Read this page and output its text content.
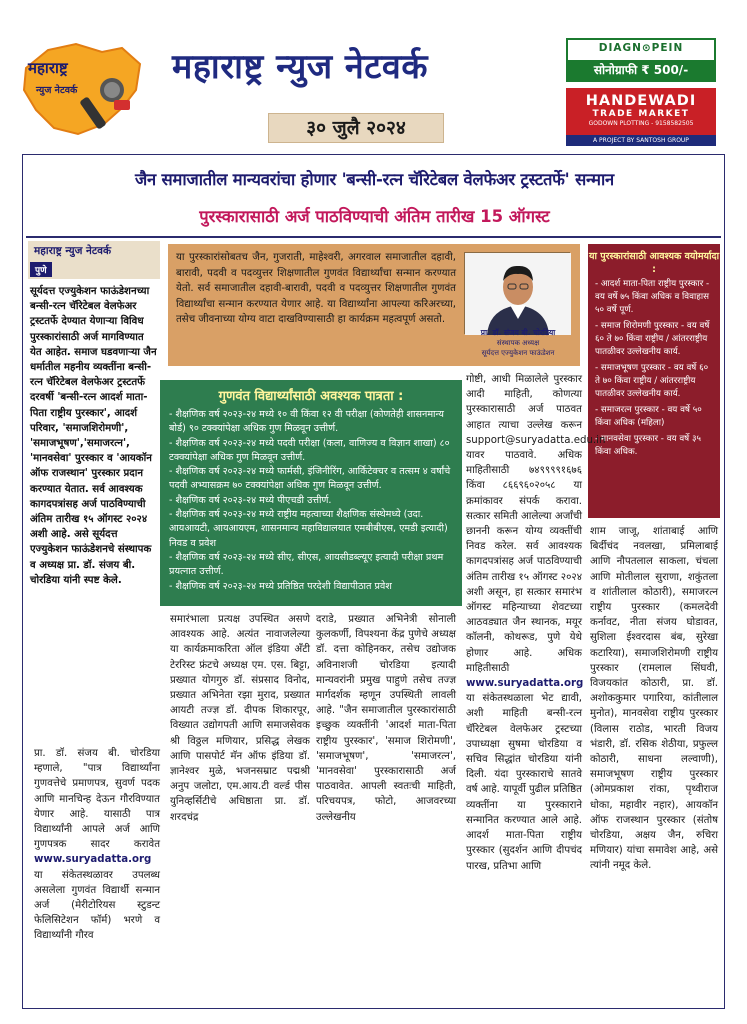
महाराष्ट्र
न्युज नेटवर्क
महाराष्ट्र न्युज नेटवर्क
३० जुलै २०२४
DIAGN⊙PEIN
सोनोग्राफी ₹ 500/-
HANDEWADI
TRADE MARKET
GODOWN PLOTTING - 9158582505
A PROJECT BY SANTOSH GROUP
जैन समाजातील मान्यवरांचा होणार 'बन्सी-रत्न चॅरिटेबल वेलफेअर ट्रस्टतर्फे' सन्मान
पुरस्कारासाठी अर्ज पाठविण्याची अंतिम तारीख 15 ऑगस्ट
महाराष्ट्र न्युज नेटवर्क
पुणे
सूर्यदत्त एज्युकेशन फाऊंडेशनच्या बन्सी-रत्न चॅरिटेबल वेलफेअर ट्रस्टतर्फे देण्यात येणाऱ्या विविध पुरस्कारांसाठी अर्ज मागविण्यात येत आहेत. समाज घडवणाऱ्या जैन धर्मातील महनीय व्यक्तींना बन्सी-रत्न चॅरिटेबल वेलफेअर ट्रस्टतर्फे दरवर्षी 'बन्सी-रत्न आदर्श माता-पिता राष्ट्रीय पुरस्कार', आदर्श परिवार, 'समाजशिरोमणी', 'समाजभूषण','समाजरत्न', 'मानवसेवा' पुरस्कार व 'आयकॉन ऑफ राजस्थान' पुरस्कार प्रदान करण्यात येतात. सर्व आवश्यक कागदपत्रांसह अर्ज पाठविण्याची अंतिम तारीख १५ ऑगस्ट २०२४ अशी आहे. असे सूर्यदत्त एज्युकेशन फाऊंडेशनचे संस्थापक व अध्यक्ष प्रा. डॉ. संजय बी. चोरडिया यांनी स्पष्ट केले.
प्रा. डॉ. संजय बी. चोरडिया म्हणाले, "पात्र विद्यार्थ्यांना गुणवत्तेचे प्रमाणपत्र, सुवर्ण पदक आणि मानचिन्ह देऊन गौरविण्यात येणार आहे. यासाठी पात्र विद्यार्थ्यांनी आपले अर्ज आणि गुणपत्रक सादर करावेत www.suryadatta.org या संकेतस्थळावर उपलब्ध असलेला गुणवंत विद्यार्थी सन्मान अर्ज (मेरीटोरियस स्टुडन्ट फेलिसिटेशन फॉर्म) भरणे व विद्यार्थ्यांनी गौरव
या पुरस्कारांसोबतच जैन, गुजराती, माहेश्वरी, अगरवाल समाजातील दहावी, बारावी, पदवी व पदव्युत्तर शिक्षणातील गुणवंत विद्यार्थ्यांचा सन्मान करण्यात येतो. सर्व समाजातील दहावी-बारावी, पदवी व पदव्युत्तर शिक्षणातील गुणवंत विद्यार्थ्यांचा सन्मान करण्यात येणार आहे. या विद्यार्थ्यांना आपल्या करिअरच्या, तसेच जीवनाच्या योग्य वाटा दाखविण्यासाठी हा कार्यक्रम महत्वपूर्ण असतो.
प्रा. डॉ. संजय बी. चोरडिया
संस्थापक अध्यक्ष
सूर्यदत्त एज्युकेशन फाऊंडेशन
गुणवंत विद्यार्थ्यांसाठी अवश्यक पात्रता :
- शैक्षणिक वर्ष २०२३-२४ मध्ये १० वी किंवा १२ वी परीक्षा (कोणतेही शासनमान्य बोर्ड) ९० टक्क्यांपेक्षा अधिक गुण मिळवून उत्तीर्ण.
- शैक्षणिक वर्ष २०२३-२४ मध्ये पदवी परीक्षा (कला, वाणिज्य व विज्ञान शाखा) ८० टक्क्यांपेक्षा अधिक गुण मिळवून उत्तीर्ण.
- शैक्षणिक वर्ष २०२३-२४ मध्ये फार्मसी, इंजिनीरिंग, आर्किटेक्चर व तत्सम ४ वर्षांचे पदवी अभ्यासक्रम ७० टक्क्यांपेक्षा अधिक गुण मिळवून उत्तीर्ण.
- शैक्षणिक वर्ष २०२३-२४ मध्ये पीएचडी उत्तीर्ण.
- शैक्षणिक वर्ष २०२३-२४ मध्ये राष्ट्रीय महत्वाच्या शैक्षणिक संस्थेमध्ये (उदा. आयआयटी, आयआयएम, शासनमान्य महाविद्यालयात एमबीबीएस, एमडी इत्यादी) निवड व प्रवेश
- शैक्षणिक वर्ष २०२३-२४ मध्ये सीए, सीएस, आयसीडब्ल्यूए इत्यादी परीक्षा प्रथम प्रयत्नात उत्तीर्ण.
- शैक्षणिक वर्ष २०२३-२४ मध्ये प्रतिष्ठित परदेशी विद्यापीठात प्रवेश
या पुरस्कारांसाठी आवश्यक वयोमर्यादा :
- आदर्श माता-पिता राष्ट्रीय पुरस्कार - वय वर्षे ७५ किंवा अधिक व विवाहास ५० वर्षे पूर्ण.
- समाज शिरोमणी पुरस्कार - वय वर्षे ६० ते ७० किंवा राष्ट्रीय / आंतरराष्ट्रीय पातळीवर उल्लेखनीय कार्य.
- समाजभूषण पुरस्कार - वय वर्षे ६० ते ७० किंवा राष्ट्रीय / आंतरराष्ट्रीय पातळीवर उल्लेखनीय कार्य.
- समाजरत्न पुरस्कार - वय वर्षे ५० किंवा अधिक (महिला)
- मानवसेवा पुरस्कार - वय वर्षे ३५ किंवा अधिक.
समारंभाला प्रत्यक्ष उपस्थित असणे आवश्यक आहे. अत्यंत नावाजलेल्या या कार्यक्रमाकरिता ऑल इंडिया अँटी टेररिस्ट फ्रंटचे अध्यक्ष एम. एस. बिट्टा, प्रख्यात योगगुरु डॉ. संप्रसाद विनोद, प्रख्यात अभिनेता रझा मुराद, प्रख्यात आयटी तज्ज्ञ डॉ. दीपक शिकारपूर, विख्यात उद्योगपती आणि समाजसेवक श्री विठ्ठल मणियार, प्रसिद्ध लेखक आणि पासपोर्ट मॅन ऑफ इंडिया डॉ. ज्ञानेश्वर मुळे, भजनसम्राट पद्मश्री अनुप जलोटा, एम.आय.टी वर्ल्ड पीस युनिव्हर्सिटीचे अधिष्ठाता प्रा. डॉ. शरदचंद्र
दराडे, प्रख्यात अभिनेत्री सोनाली कुलकर्णी, विपश्यना केंद्र पुणेचे अध्यक्ष डॉ. दत्ता कोहिनकर, तसेच उद्योजक अविनाशजी चोरडिया इत्यादी मान्यवरांनी प्रमुख पाहुणे तसेच तज्ज्ञ मार्गदर्शक म्हणून उपस्थिती लावली आहे. "जैन समाजातील पुरस्कारांसाठी इच्छुक व्यक्तींनी 'आदर्श माता-पिता राष्ट्रीय पुरस्कार', 'समाज शिरोमणी', 'समाजभूषण', 'समाजरत्न', 'मानवसेवा' पुरस्कारासाठी अर्ज पाठवावेत. आपली स्वतःची माहिती, परिचयपत्र, फोटो, आजवरच्या उल्लेखनीय
गोष्टी, आधी मिळालेले पुरस्कार आदी माहिती, कोणत्या पुरस्कारासाठी अर्ज पाठवत आहात त्याचा उल्लेख करून support@suryadatta.edu.in यावर पाठवावे. अधिक माहितीसाठी ७४९९९९१६७६ किंवा ८६६९६०२०५८ या क्रमांकावर संपर्क करावा. सत्कार समिती आलेल्या अर्जांची छाननी करून योग्य व्यक्तींची निवड करेल. सर्व आवश्यक कागदपत्रांसह अर्ज पाठविण्याची अंतिम तारीख १५ ऑगस्ट २०२४ अशी असून, हा सत्कार समारंभ ऑगस्ट महिन्याच्या शेवटच्या आठवड्यात जैन स्थानक, मयूर कॉलनी, कोथरूड, पुणे येथे होणार आहे. अधिक माहितीसाठी www.suryadatta.org या संकेतस्थळाला भेट द्यावी, अशी माहिती बन्सी-रत्न चॅरिटेबल वेलफेअर ट्रस्टच्या उपाध्यक्षा सुषमा चोरडिया व सचिव सिद्धांत चोरडिया यांनी दिली. यंदा पुरस्काराचे सातवे वर्ष आहे. यापूर्वी पुढील प्रतिष्ठित व्यक्तींना या पुरस्काराने सन्मानित करण्यात आले आहे. आदर्श माता-पिता राष्ट्रीय पुरस्कार (सुदर्शन आणि दीपचंद पारख, प्रतिभा आणि
शाम जाजू, शांताबाई आणि बिर्दीचंद नवलखा, प्रमिलाबाई आणि नौपतलाल साकला, चंचला आणि मोतीलाल सुराणा, शकुंतला व शांतीलाल कोठारी), समाजरत्न राष्ट्रीय पुरस्कार (कमलदेवी कर्नावट, नीता संजय घोडावत, सुशिला ईश्वरदास बंब, सुरेखा कटारिया), समाजशिरोमणी राष्ट्रीय पुरस्कार (रामलाल सिंघवी, विजयकांत कोठारी, प्रा. डॉ. अशोककुमार पगारिया, कांतीलाल मुनोत), मानवसेवा राष्ट्रीय पुरस्कार (विलास राठोड, भारती विजय भंडारी, डॉ. रसिक शेठीया, प्रफुल्ल कोठारी, साधना लल्वाणी), समाजभूषण राष्ट्रीय पुरस्कार (ओमप्रकाश रांका, पृथ्वीराज धोका, महावीर नहार), आयकॉन ऑफ राजस्थान पुरस्कार (संतोष चोरडिया, अक्षय जैन, रुचिरा मणियार) यांचा समावेश आहे, असे त्यांनी नमूद केले.
